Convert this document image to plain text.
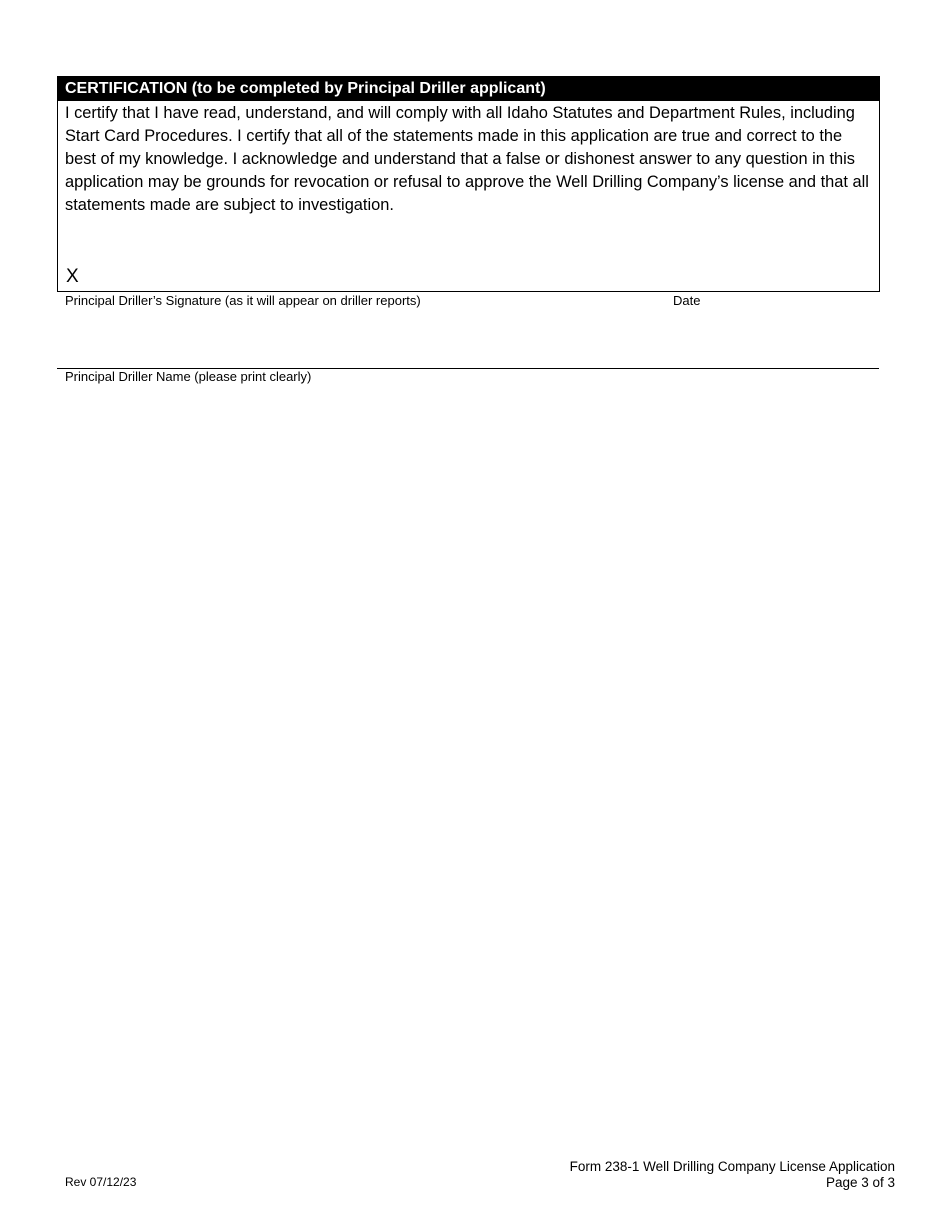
CERTIFICATION (to be completed by Principal Driller applicant)
I certify that I have read, understand, and will comply with all Idaho Statutes and Department Rules, including Start Card Procedures. I certify that all of the statements made in this application are true and correct to the best of my knowledge. I acknowledge and understand that a false or dishonest answer to any question in this application may be grounds for revocation or refusal to approve the Well Drilling Company’s license and that all statements made are subject to investigation.
X
Principal Driller’s Signature (as it will appear on driller reports)	Date
Principal Driller Name (please print clearly)
Rev 07/12/23
Form 238-1 Well Drilling Company License Application
Page 3 of 3
